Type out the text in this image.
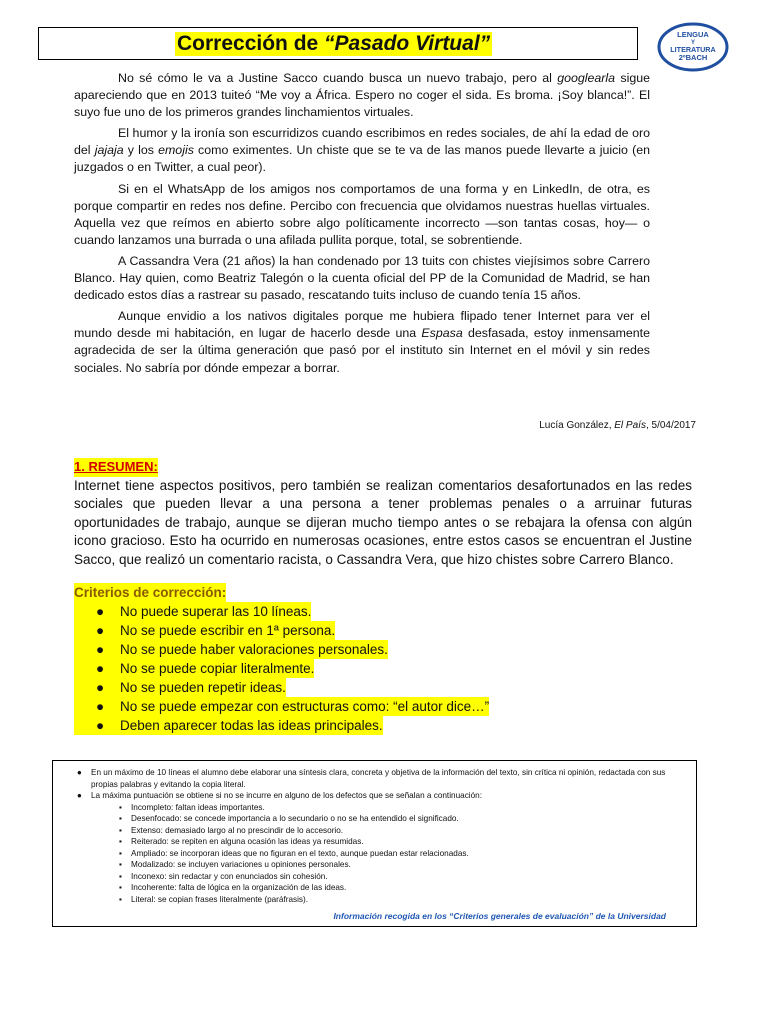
Corrección de “Pasado Virtual”	LENGUA
Y
LITERATURA
2ºBACH

No sé cómo le va a Justine Sacco cuando busca un nuevo trabajo, pero al googlearla sigue apareciendo que en 2013 tuiteó “Me voy a África. Espero no coger el sida. Es broma. ¡Soy blanca!”. El suyo fue uno de los primeros grandes linchamientos virtuales.

El humor y la ironía son escurridizos cuando escribimos en redes sociales, de ahí la edad de oro del jajaja y los emojis como eximentes. Un chiste que se te va de las manos puede llevarte a juicio (en juzgados o en Twitter, a cual peor).

Si en el WhatsApp de los amigos nos comportamos de una forma y en LinkedIn, de otra, es porque compartir en redes nos define. Percibo con frecuencia que olvidamos nuestras huellas virtuales. Aquella vez que reímos en abierto sobre algo políticamente incorrecto —son tantas cosas, hoy— o cuando lanzamos una burrada o una afilada pullita porque, total, se sobrentiende.

A Cassandra Vera (21 años) la han condenado por 13 tuits con chistes viejísimos sobre Carrero Blanco. Hay quien, como Beatriz Talegón o la cuenta oficial del PP de la Comunidad de Madrid, se han dedicado estos días a rastrear su pasado, rescatando tuits incluso de cuando tenía 15 años.

Aunque envidio a los nativos digitales porque me hubiera flipado tener Internet para ver el mundo desde mi habitación, en lugar de hacerlo desde una Espasa desfasada, estoy inmensamente agradecida de ser la última generación que pasó por el instituto sin Internet en el móvil y sin redes sociales. No sabría por dónde empezar a borrar.

Lucía González, El País, 5/04/2017
1. RESUMEN:
Internet tiene aspectos positivos, pero también se realizan comentarios desafortunados en las redes sociales que pueden llevar a una persona a tener problemas penales o a arruinar futuras oportunidades de trabajo, aunque se dijeran mucho tiempo antes o se rebajara la ofensa con algún icono gracioso. Esto ha ocurrido en numerosas ocasiones, entre estos casos se encuentran el Justine Sacco, que realizó un comentario racista, o Cassandra Vera, que hizo chistes sobre Carrero Blanco.
Criterios de corrección:
●	No puede superar las 10 líneas.
●	No se puede escribir en 1ª persona.
●	No se puede haber valoraciones personales.
●	No se puede copiar literalmente.
●	No se pueden repetir ideas.
●	No se puede empezar con estructuras como: “el autor dice…”
●	Deben aparecer todas las ideas principales.
●	En un máximo de 10 líneas el alumno debe elaborar una síntesis clara, concreta y objetiva de la información del texto, sin crítica ni opinión, redactada con sus propias palabras y evitando la copia literal.
●	La máxima puntuación se obtiene si no se incurre en alguno de los defectos que se señalan a continuación:
▪	Incompleto: faltan ideas importantes.
▪	Desenfocado: se concede importancia a lo secundario o no se ha entendido el significado.
▪	Extenso: demasiado largo al no prescindir de lo accesorio.
▪	Reiterado: se repiten en alguna ocasión las ideas ya resumidas.
▪	Ampliado: se incorporan ideas que no figuran en el texto, aunque puedan estar relacionadas.
▪	Modalizado: se incluyen variaciones u opiniones personales.
▪	Inconexo: sin redactar y con enunciados sin cohesión.
▪	Incoherente: falta de lógica en la organización de las ideas.
▪	Literal: se copian frases literalmente (paráfrasis).
Información recogida en los “Criterios generales de evaluación” de la Universidad
